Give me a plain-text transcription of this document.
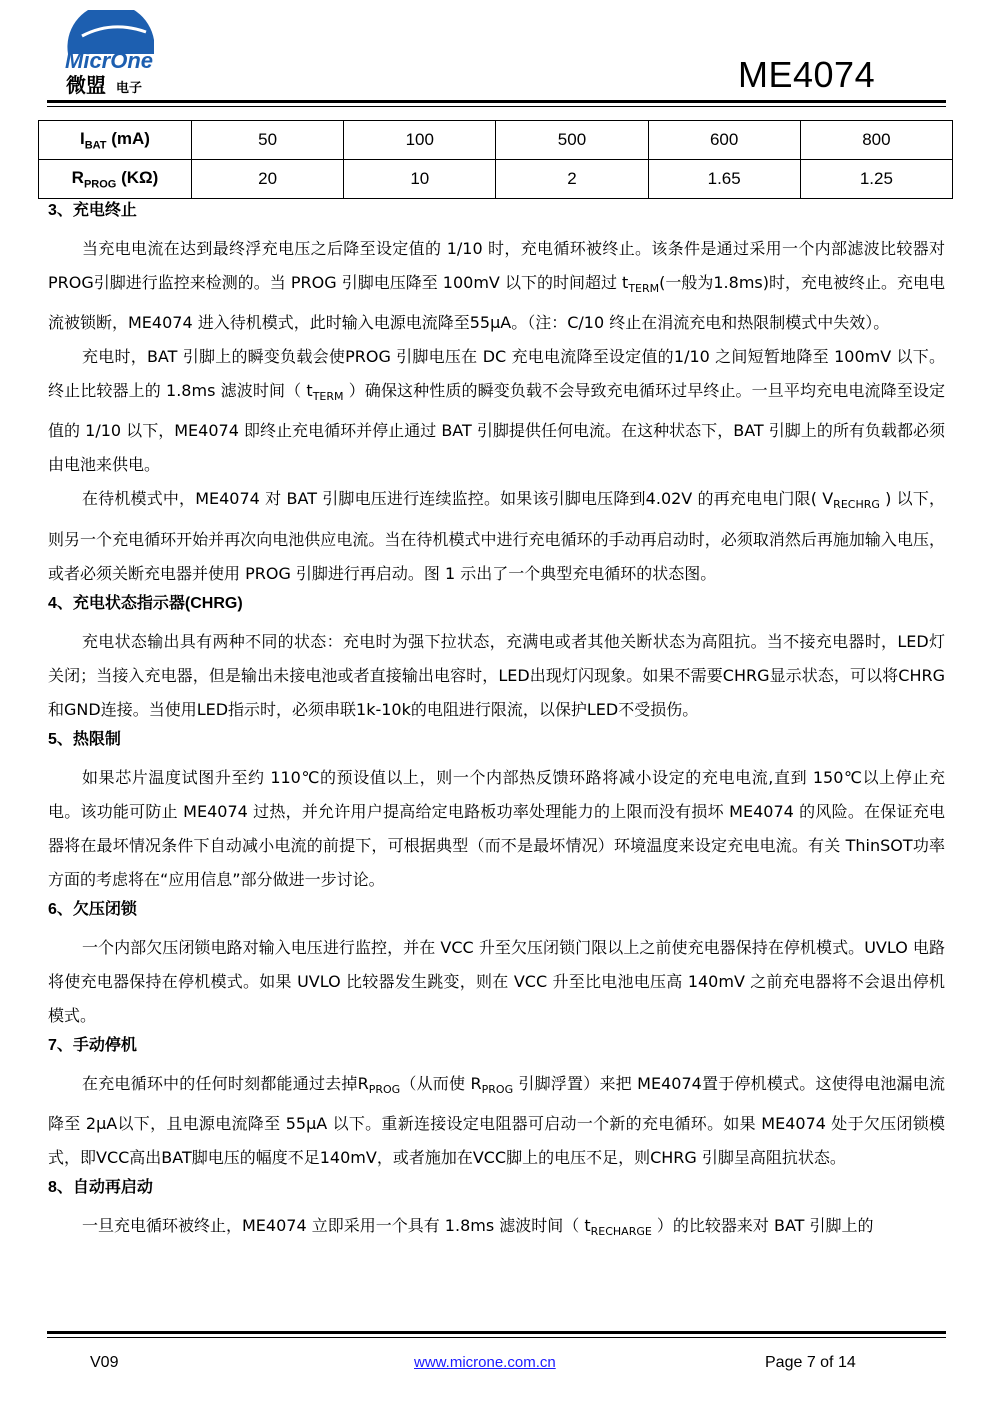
MicrOne
微盟 电子	ME4074
$I_{BAT}$ (mA)	50	100	500	600	800
$R_{PROG}$ (KΩ)	20	10	2	1.65	1.25
3、充电终止

当充电电流在达到最终浮充电压之后降至设定值的 1/10 时，充电循环被终止。该条件是通过采用一个内部滤波比较器对 PROG引脚进行监控来检测的。当 PROG 引脚电压降至 100mV 以下的时间超过 $t_{TERM}$(一般为1.8ms)时，充电被终止。充电电流被锁断，ME4074 进入待机模式，此时输入电源电流降至55μA。（注：C/10 终止在涓流充电和热限制模式中失效）。

充电时，BAT 引脚上的瞬变负载会使PROG 引脚电压在 DC 充电电流降至设定值的1/10 之间短暂地降至 100mV 以下。终止比较器上的 1.8ms 滤波时间（ $t_{TERM}$ ）确保这种性质的瞬变负载不会导致充电循环过早终止。一旦平均充电电流降至设定值的 1/10 以下，ME4074 即终止充电循环并停止通过 BAT 引脚提供任何电流。在这种状态下，BAT 引脚上的所有负载都必须由电池来供电。

在待机模式中，ME4074 对 BAT 引脚电压进行连续监控。如果该引脚电压降到4.02V 的再充电电门限( $V_{RECHRG}$ ) 以下，则另一个充电循环开始并再次向电池供应电流。当在待机模式中进行充电循环的手动再启动时，必须取消然后再施加输入电压，或者必须关断充电器并使用 PROG 引脚进行再启动。图 1 示出了一个典型充电循环的状态图。

4、充电状态指示器(CHRG)

充电状态输出具有两种不同的状态：充电时为强下拉状态，充满电或者其他关断状态为高阻抗。当不接充电器时，LED灯关闭；当接入充电器，但是输出未接电池或者直接输出电容时，LED出现灯闪现象。如果不需要CHRG显示状态，可以将CHRG和GND连接。当使用LED指示时，必须串联1k-10k的电阻进行限流，以保护LED不受损伤。

5、热限制

如果芯片温度试图升至约 110℃的预设值以上，则一个内部热反馈环路将减小设定的充电电流,直到 150℃以上停止充电。该功能可防止 ME4074 过热，并允许用户提高给定电路板功率处理能力的上限而没有损坏 ME4074 的风险。在保证充电器将在最坏情况条件下自动减小电流的前提下，可根据典型（而不是最坏情况）环境温度来设定充电电流。有关 ThinSOT功率方面的考虑将在“应用信息”部分做进一步讨论。

6、欠压闭锁

一个内部欠压闭锁电路对输入电压进行监控，并在 VCC 升至欠压闭锁门限以上之前使充电器保持在停机模式。UVLO 电路将使充电器保持在停机模式。如果 UVLO 比较器发生跳变，则在 VCC 升至比电池电压高 140mV 之前充电器将不会退出停机模式。

7、手动停机

在充电循环中的任何时刻都能通过去掉$R_{PROG}$（从而使 $R_{PROG}$ 引脚浮置）来把 ME4074置于停机模式。这使得电池漏电流降至 2μA以下，且电源电流降至 55μA 以下。重新连接设定电阻器可启动一个新的充电循环。如果 ME4074 处于欠压闭锁模式，即VCC高出BAT脚电压的幅度不足140mV，或者施加在VCC脚上的电压不足，则CHRG 引脚呈高阻抗状态。

8、自动再启动

一旦充电循环被终止，ME4074 立即采用一个具有 1.8ms 滤波时间（ $t_{RECHARGE}$ ）的比较器来对 BAT 引脚上的

V09	www.microne.com.cn	Page 7 of 14
